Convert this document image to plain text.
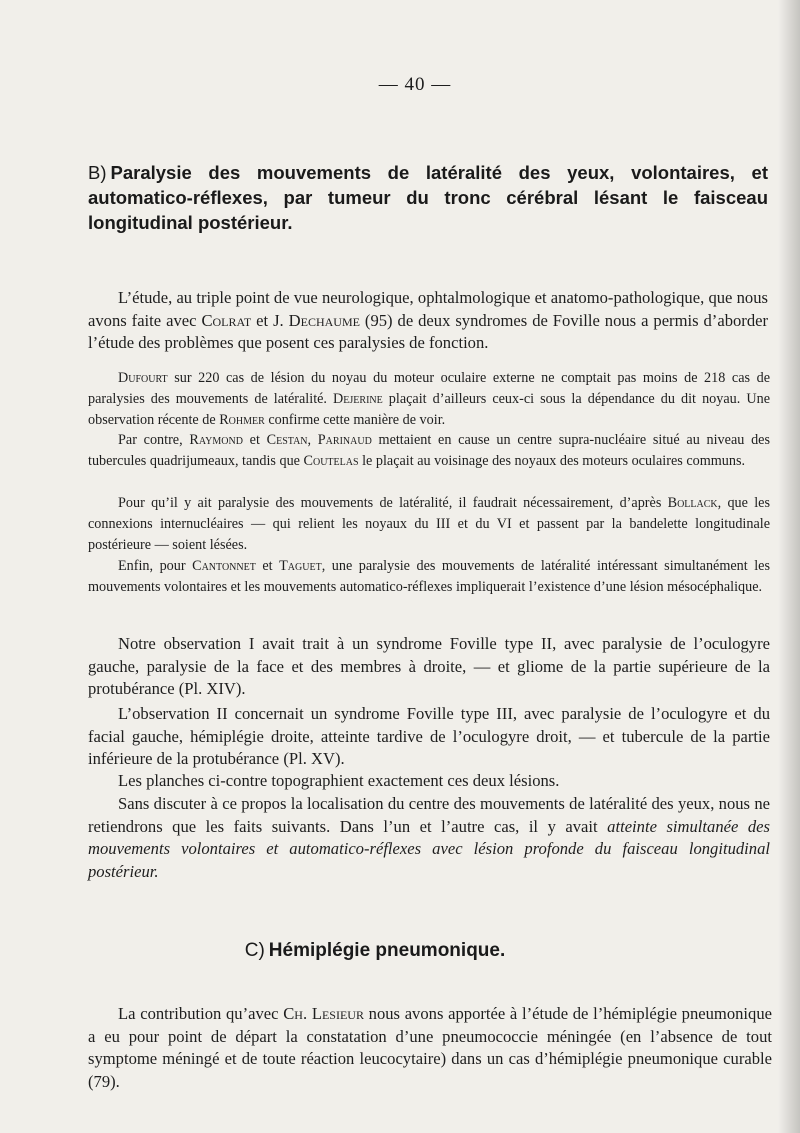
— 40 —
B) Paralysie des mouvements de latéralité des yeux, volontaires, et automatico-réflexes, par tumeur du tronc cérébral lésant le faisceau longitudinal postérieur.

L’étude, au triple point de vue neurologique, ophtalmologique et anatomo-pathologique, que nous avons faite avec Colrat et J. Dechaume (95) de deux syndromes de Foville nous a permis d’aborder l’étude des problèmes que posent ces paralysies de fonction.

Dufourt sur 220 cas de lésion du noyau du moteur oculaire externe ne comptait pas moins de 218 cas de paralysies des mouvements de latéralité. Dejerine plaçait d’ailleurs ceux-ci sous la dépendance du dit noyau. Une observation récente de Rohmer confirme cette manière de voir.

Par contre, Raymond et Cestan, Parinaud mettaient en cause un centre supra-nucléaire situé au niveau des tubercules quadrijumeaux, tandis que Coutelas le plaçait au voisinage des noyaux des moteurs oculaires communs.

Pour qu’il y ait paralysie des mouvements de latéralité, il faudrait nécessairement, d’après Bollack, que les connexions internucléaires — qui relient les noyaux du III et du VI et passent par la bandelette longitudinale postérieure — soient lésées.

Enfin, pour Cantonnet et Taguet, une paralysie des mouvements de latéralité intéressant simultanément les mouvements volontaires et les mouvements automatico-réflexes impliquerait l’existence d’une lésion mésocéphalique.

Notre observation I avait trait à un syndrome Foville type II, avec paralysie de l’oculogyre gauche, paralysie de la face et des membres à droite, — et gliome de la partie supérieure de la protubérance (Pl. XIV).

L’observation II concernait un syndrome Foville type III, avec paralysie de l’oculogyre et du facial gauche, hémiplégie droite, atteinte tardive de l’oculogyre droit, — et tubercule de la partie inférieure de la protubérance (Pl. XV).

Les planches ci-contre topographient exactement ces deux lésions.

Sans discuter à ce propos la localisation du centre des mouvements de latéralité des yeux, nous ne retiendrons que les faits suivants. Dans l’un et l’autre cas, il y avait atteinte simultanée des mouvements volontaires et automatico-réflexes avec lésion profonde du faisceau longitudinal postérieur.

C) Hémiplégie pneumonique.

La contribution qu’avec Ch. Lesieur nous avons apportée à l’étude de l’hémiplégie pneumonique a eu pour point de départ la constatation d’une pneumococcie méningée (en l’absence de tout symptome méningé et de toute réaction leucocytaire) dans un cas d’hémiplégie pneumonique curable (79).
